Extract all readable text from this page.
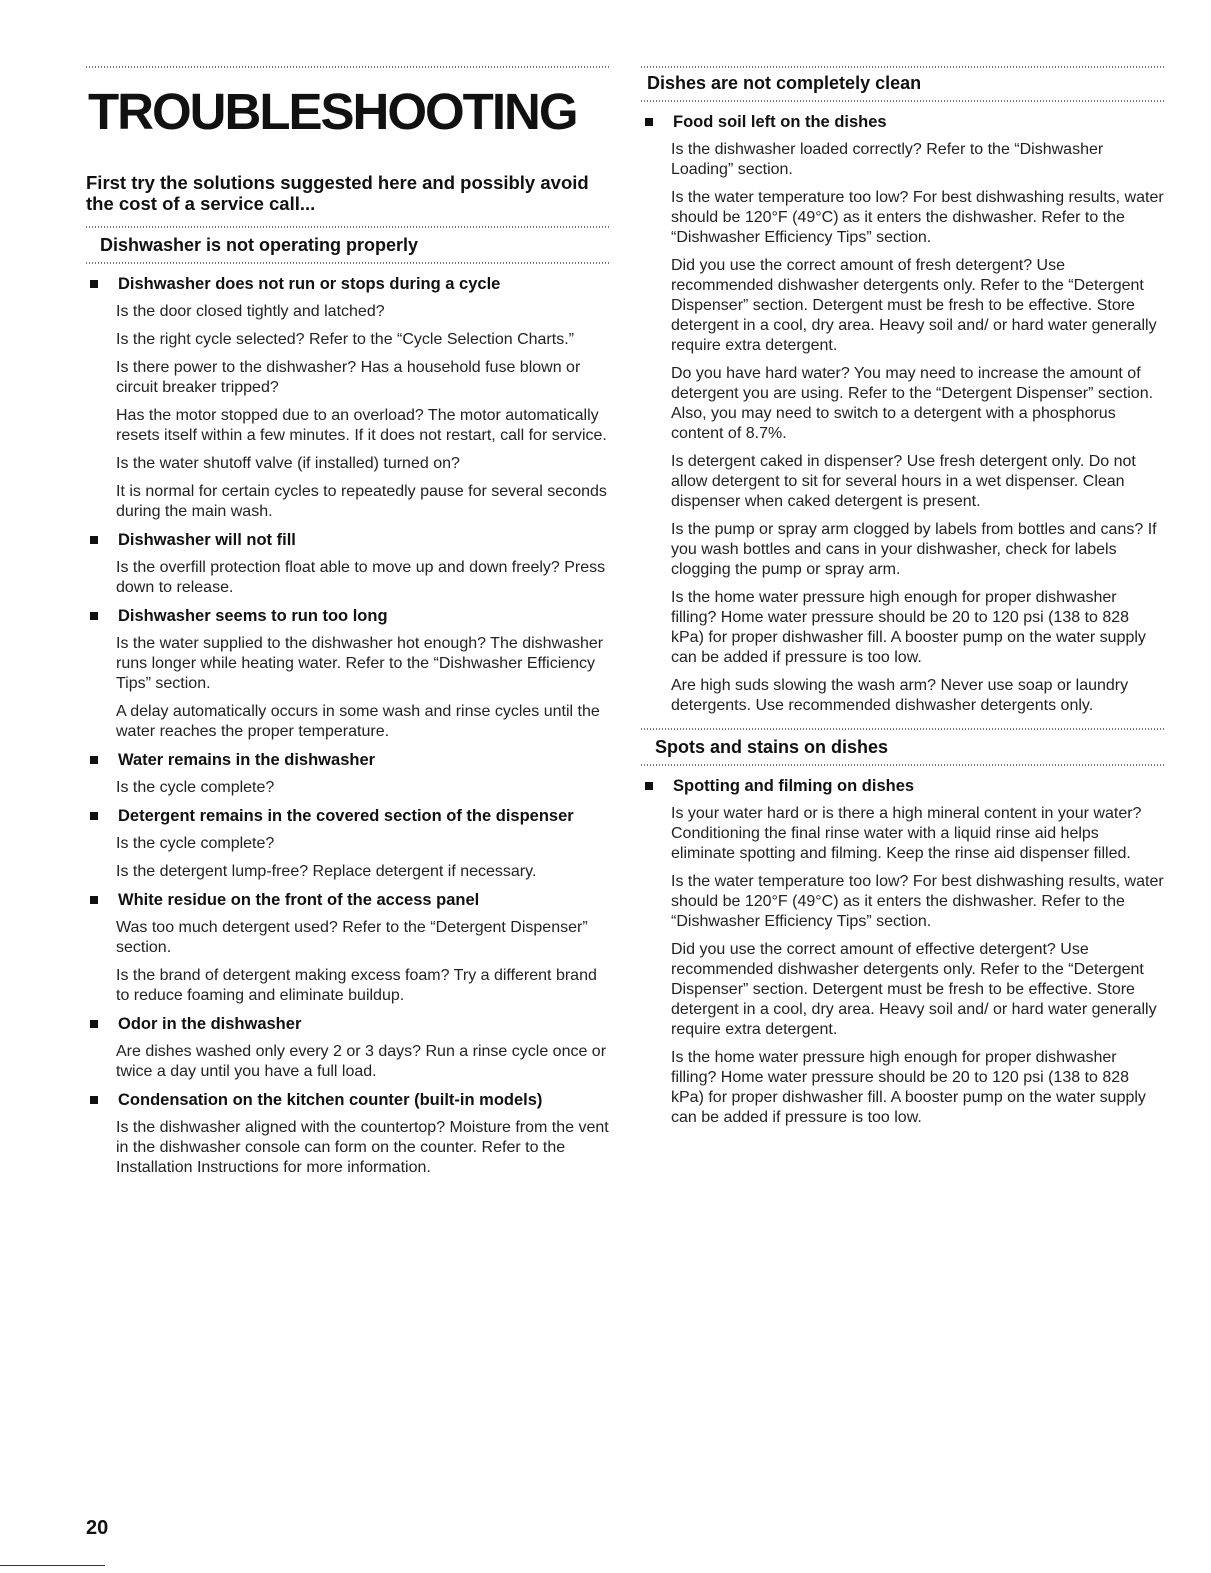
TROUBLESHOOTING
First try the solutions suggested here and possibly avoid the cost of a service call...
Dishwasher is not operating properly
Dishwasher does not run or stops during a cycle

Is the door closed tightly and latched?

Is the right cycle selected? Refer to the “Cycle Selection Charts.”

Is there power to the dishwasher? Has a household fuse blown or circuit breaker tripped?

Has the motor stopped due to an overload? The motor automatically resets itself within a few minutes. If it does not restart, call for service.

Is the water shutoff valve (if installed) turned on?

It is normal for certain cycles to repeatedly pause for several seconds during the main wash.

Dishwasher will not fill

Is the overfill protection float able to move up and down freely? Press down to release.

Dishwasher seems to run too long

Is the water supplied to the dishwasher hot enough? The dishwasher runs longer while heating water. Refer to the “Dishwasher Efficiency Tips” section.

A delay automatically occurs in some wash and rinse cycles until the water reaches the proper temperature.

Water remains in the dishwasher

Is the cycle complete?

Detergent remains in the covered section of the dispenser

Is the cycle complete?

Is the detergent lump-free? Replace detergent if necessary.

White residue on the front of the access panel

Was too much detergent used? Refer to the “Detergent Dispenser” section.

Is the brand of detergent making excess foam? Try a different brand to reduce foaming and eliminate buildup.

Odor in the dishwasher

Are dishes washed only every 2 or 3 days? Run a rinse cycle once or twice a day until you have a full load.

Condensation on the kitchen counter (built-in models)

Is the dishwasher aligned with the countertop? Moisture from the vent in the dishwasher console can form on the counter. Refer to the Installation Instructions for more information.

Dishes are not completely clean
Food soil left on the dishes

Is the dishwasher loaded correctly? Refer to the “Dishwasher Loading” section.

Is the water temperature too low? For best dishwashing results, water should be 120°F (49°C) as it enters the dishwasher. Refer to the “Dishwasher Efficiency Tips” section.

Did you use the correct amount of fresh detergent? Use recommended dishwasher detergents only. Refer to the “Detergent Dispenser” section. Detergent must be fresh to be effective. Store detergent in a cool, dry area. Heavy soil and/ or hard water generally require extra detergent.

Do you have hard water? You may need to increase the amount of detergent you are using. Refer to the “Detergent Dispenser” section. Also, you may need to switch to a detergent with a phosphorus content of 8.7%.

Is detergent caked in dispenser? Use fresh detergent only. Do not allow detergent to sit for several hours in a wet dispenser. Clean dispenser when caked detergent is present.

Is the pump or spray arm clogged by labels from bottles and cans? If you wash bottles and cans in your dishwasher, check for labels clogging the pump or spray arm.

Is the home water pressure high enough for proper dishwasher filling? Home water pressure should be 20 to 120 psi (138 to 828 kPa) for proper dishwasher fill. A booster pump on the water supply can be added if pressure is too low.

Are high suds slowing the wash arm? Never use soap or laundry detergents. Use recommended dishwasher detergents only.

Spots and stains on dishes
Spotting and filming on dishes

Is your water hard or is there a high mineral content in your water? Conditioning the final rinse water with a liquid rinse aid helps eliminate spotting and filming. Keep the rinse aid dispenser filled.

Is the water temperature too low? For best dishwashing results, water should be 120°F (49°C) as it enters the dishwasher. Refer to the “Dishwasher Efficiency Tips” section.

Did you use the correct amount of effective detergent? Use recommended dishwasher detergents only. Refer to the “Detergent Dispenser” section. Detergent must be fresh to be effective. Store detergent in a cool, dry area. Heavy soil and/ or hard water generally require extra detergent.

Is the home water pressure high enough for proper dishwasher filling? Home water pressure should be 20 to 120 psi (138 to 828 kPa) for proper dishwasher fill. A booster pump on the water supply can be added if pressure is too low.

20
